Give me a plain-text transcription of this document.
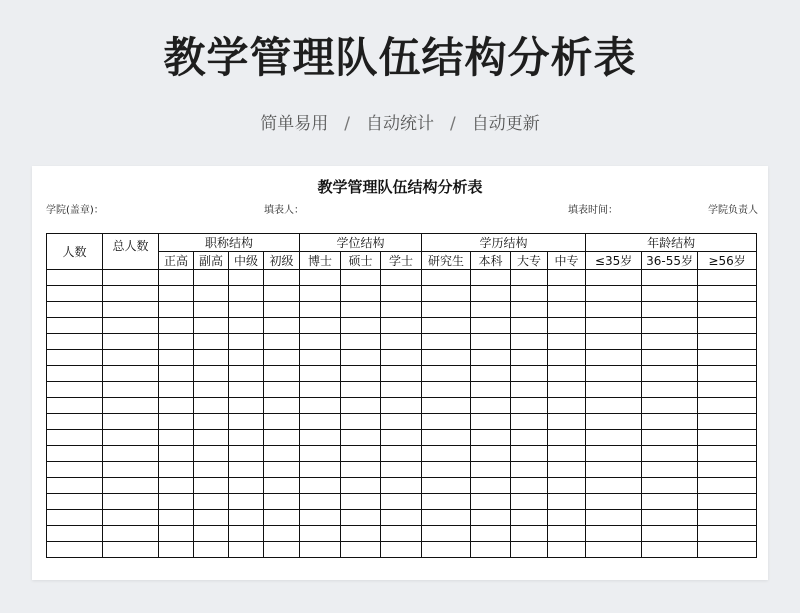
教学管理队伍结构分析表
简单易用 / 自动统计 / 自动更新
教学管理队伍结构分析表
学院(盖章)：	填表人：	填表时间：	学院负责人
人数	总人数	职称结构				学位结构			学历结构				年龄结构		
		正高	副高	中级	初级	博士	硕士	学士	研究生	本科	大专	中专	≤35岁	36-55岁	≥56岁
